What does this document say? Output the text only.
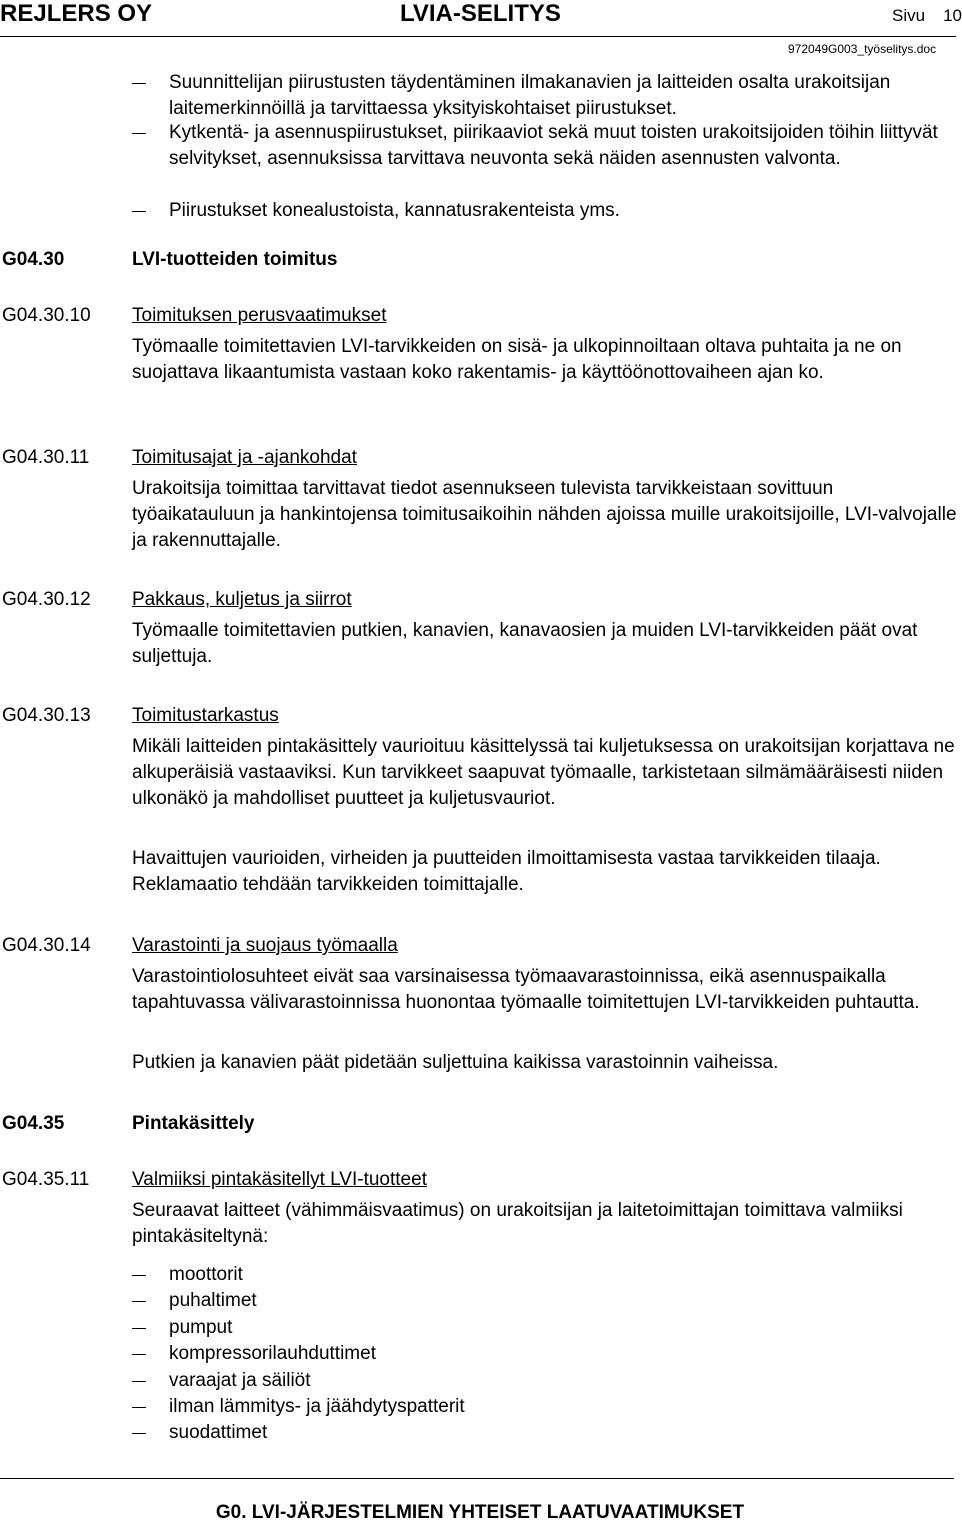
REJLERS OY	LVIA-SELITYS	Sivu 10
972049G003_työselitys.doc
Suunnittelijan piirustusten täydentäminen ilmakanavien ja laitteiden osalta urakoitsijan laitemerkinnöillä ja tarvittaessa yksityiskohtaiset piirustukset.
Kytkentä- ja asennuspiirustukset, piirikaaviot sekä muut toisten urakoitsijoiden töihin liittyvät selvitykset, asennuksissa tarvittava neuvonta sekä näiden asennusten valvonta.
Piirustukset konealustoista, kannatusrakenteista yms.
G04.30	LVI-tuotteiden toimitus
G04.30.10 Toimituksen perusvaatimukset
Työmaalle toimitettavien LVI-tarvikkeiden on sisä- ja ulkopinnoiltaan oltava puhtaita ja ne on suojattava likaantumista vastaan koko rakentamis- ja käyttöönottovaiheen ajan ko.
G04.30.11 Toimitusajat ja -ajankohdat
Urakoitsija toimittaa tarvittavat tiedot asennukseen tulevista tarvikkeistaan sovittuun työaikatauluun ja hankintojensa toimitusaikoihin nähden ajoissa muille urakoitsijoille, LVI-valvojalle ja rakennuttajalle.
G04.30.12 Pakkaus, kuljetus ja siirrot
Työmaalle toimitettavien putkien, kanavien, kanavaosien ja muiden LVI-tarvikkeiden päät ovat suljettuja.
G04.30.13 Toimitustarkastus
Mikäli laitteiden pintakäsittely vaurioituu käsittelyssä tai kuljetuksessa on urakoitsijan korjattava ne alkuperäisiä vastaaviksi. Kun tarvikkeet saapuvat työmaalle, tarkistetaan silmämääräisesti niiden ulkonäkö ja mahdolliset puutteet ja kuljetusvauriot.
Havaittujen vaurioiden, virheiden ja puutteiden ilmoittamisesta vastaa tarvikkeiden tilaaja. Reklamaatio tehdään tarvikkeiden toimittajalle.
G04.30.14 Varastointi ja suojaus työmaalla
Varastointiolosuhteet eivät saa varsinaisessa työmaavarastoinnissa, eikä asennuspaikalla tapahtuvassa välivarastoinnissa huonontaa työmaalle toimitettujen LVI-tarvikkeiden puhtautta.
Putkien ja kanavien päät pidetään suljettuina kaikissa varastoinnin vaiheissa.
G04.35	Pintakäsittely
G04.35.11 Valmiiksi pintakäsitellyt LVI-tuotteet
Seuraavat laitteet (vähimmäisvaatimus) on urakoitsijan ja laitetoimittajan toimittava valmiiksi pintakäsiteltynä:
moottorit
puhaltimet
pumput
kompressorilauhduttimet
varaajat ja säiliöt
ilman lämmitys- ja jäähdytyspatterit
suodattimet
G0. LVI-JÄRJESTELMIEN YHTEISET LAATUVAATIMUKSET
